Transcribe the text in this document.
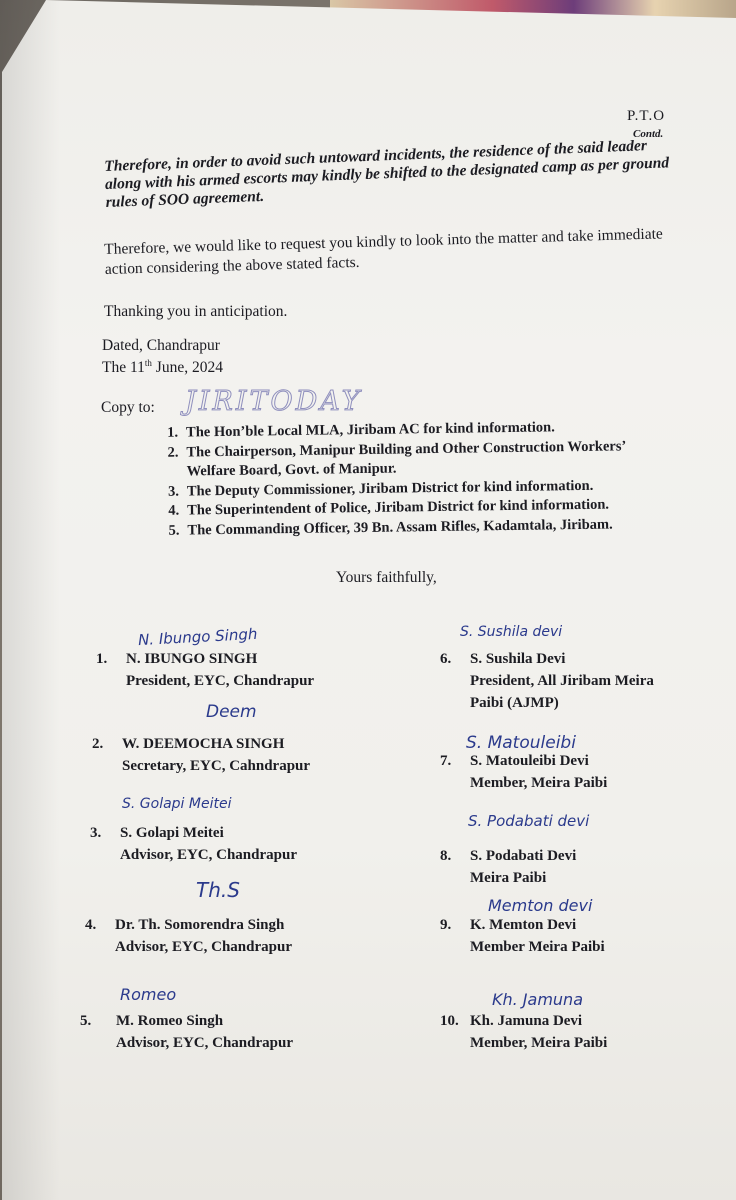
P.T.O
Contd.
Therefore, in order to avoid such untoward incidents, the residence of the said leader along with his armed escorts may kindly be shifted to the designated camp as per ground rules of SOO agreement.
Therefore, we would like to request you kindly to look into the matter and take immediate action considering the above stated facts.
Thanking you in anticipation.
Dated, Chandrapur
The 11th June, 2024
Copy to: JIRITODAY
1. The Hon’ble Local MLA, Jiribam AC for kind information.
2. The Chairperson, Manipur Building and Other Construction Workers’ Welfare Board, Govt. of Manipur.
3. The Deputy Commissioner, Jiribam District for kind information.
4. The Superintendent of Police, Jiribam District for kind information.
5. The Commanding Officer, 39 Bn. Assam Rifles, Kadamtala, Jiribam.
Yours faithfully,
N. Ibungo Singh
1. N. IBUNGO SINGH
President, EYC, Chandrapur
Deem
2. W. DEEMOCHA SINGH
Secretary, EYC, Cahndrapur
S. Golapi Meitei
3. S. Golapi Meitei
Advisor, EYC, Chandrapur
Th.S
4. Dr. Th. Somorendra Singh
Advisor, EYC, Chandrapur
Romeo
5. M. Romeo Singh
Advisor, EYC, Chandrapur
S. Sushila devi
6. S. Sushila Devi
President, All Jiribam Meira
Paibi (AJMP)
S. Matouleibi
7. S. Matouleibi Devi
Member, Meira Paibi
S. Podabati devi
8. S. Podabati Devi
Meira Paibi
Memton devi
9. K. Memton Devi
Member Meira Paibi
Kh. Jamuna
10. Kh. Jamuna Devi
Member, Meira Paibi
